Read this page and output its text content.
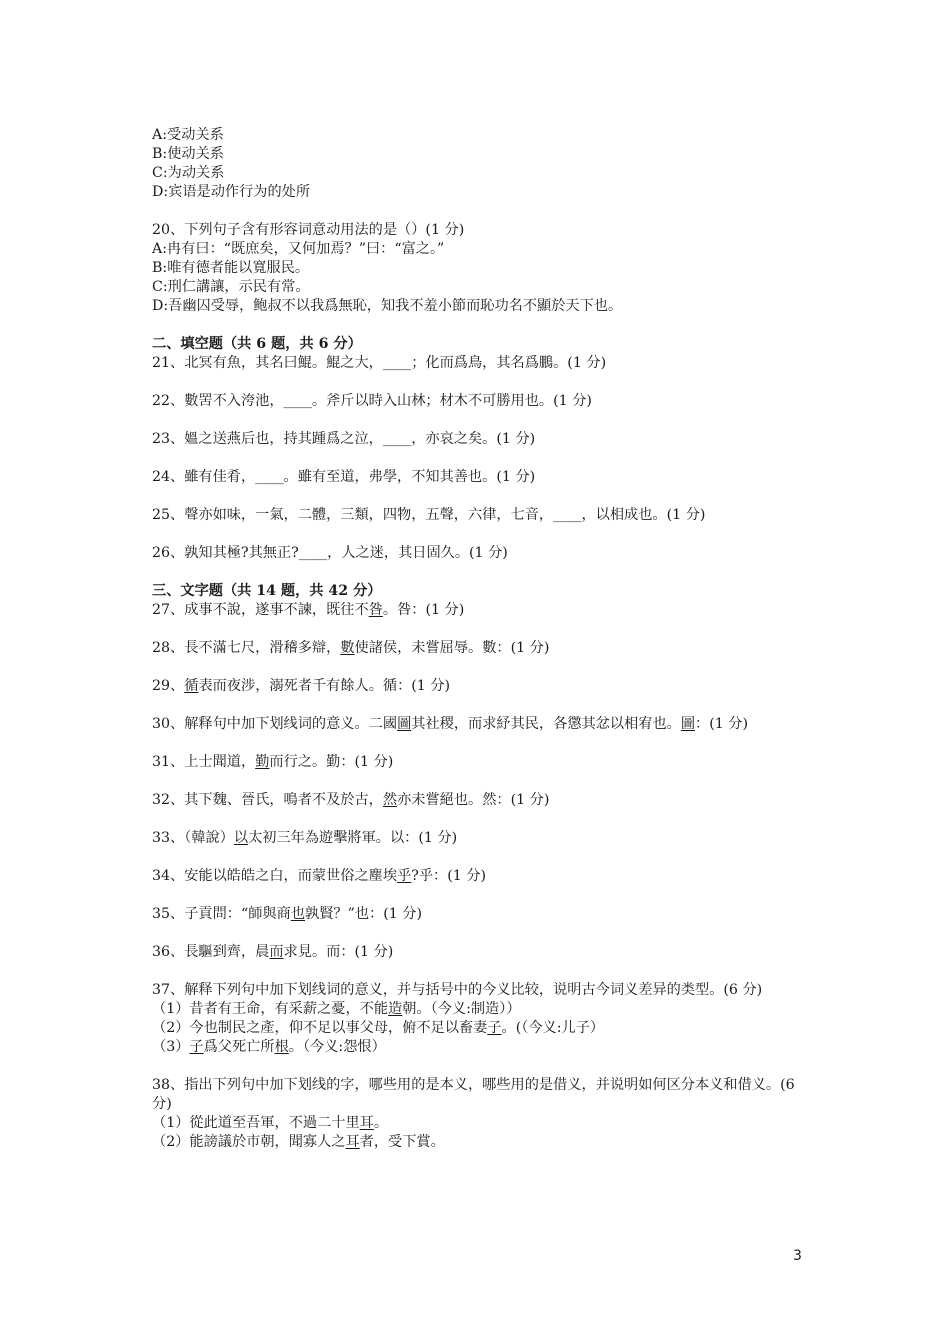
A:受动关系
B:使动关系
C:为动关系
D:宾语是动作行为的处所
20、下列句子含有形容词意动用法的是（）(1 分)
A:冉有曰：“既庶矣，又何加焉？”曰：“富之。”
B:唯有德者能以寬服民。
C:刑仁講讓，示民有常。
D:吾幽囚受辱，鲍叔不以我爲無恥，知我不羞小節而恥功名不顯於天下也。
二、填空题（共 6 题，共 6 分）
21、北冥有魚，其名曰鯤。鯤之大，____；化而爲鳥，其名爲鵬。(1 分)
22、數罟不入洿池，____。斧斤以時入山林；材木不可勝用也。(1 分)
23、媼之送燕后也，持其踵爲之泣，____，亦哀之矣。(1 分)
24、雖有佳肴，____。雖有至道，弗學，不知其善也。(1 分)
25、聲亦如味，一氣，二體，三類，四物，五聲，六律，七音，____，以相成也。(1 分)
26、孰知其極?其無正?____，人之迷，其日固久。(1 分)
三、文字题（共 14 题，共 42 分）
27、成事不說，遂事不諫，既往不咎。咎：(1 分)
28、長不滿七尺，滑稽多辯，數使諸侯，未嘗屈辱。數：(1 分)
29、循表而夜涉，溺死者千有餘人。循：(1 分)
30、解释句中加下划线词的意义。二國圖其社稷，而求紓其民，各懲其忿以相宥也。圖：(1 分)
31、上士聞道，勤而行之。勤：(1 分)
32、其下魏、晉氏，鳴者不及於古，然亦未嘗絕也。然：(1 分)
33、（韓說）以太初三年為遊擊將軍。以：(1 分)
34、安能以皓皓之白，而蒙世俗之塵埃乎?乎：(1 分)
35、子貢問：“師與商也孰賢？”也：(1 分)
36、長驅到齊，晨而求見。而：(1 分)
37、解释下列句中加下划线词的意义，并与括号中的今义比较，说明古今词义差异的类型。(6 分)
（1）昔者有王命，有采薪之憂，不能造朝。（今义:制造））
（2）今也制民之產，仰不足以事父母，俯不足以畜妻子。(（今义:儿子）
（3）子爲父死亡所根。（今义:怨恨）
38、指出下列句中加下划线的字，哪些用的是本义，哪些用的是借义，并说明如何区分本义和借义。(6 分)
（1）從此道至吾軍，不過二十里耳。
（2）能謗議於市朝，聞寡人之耳者，受下賞。
3
